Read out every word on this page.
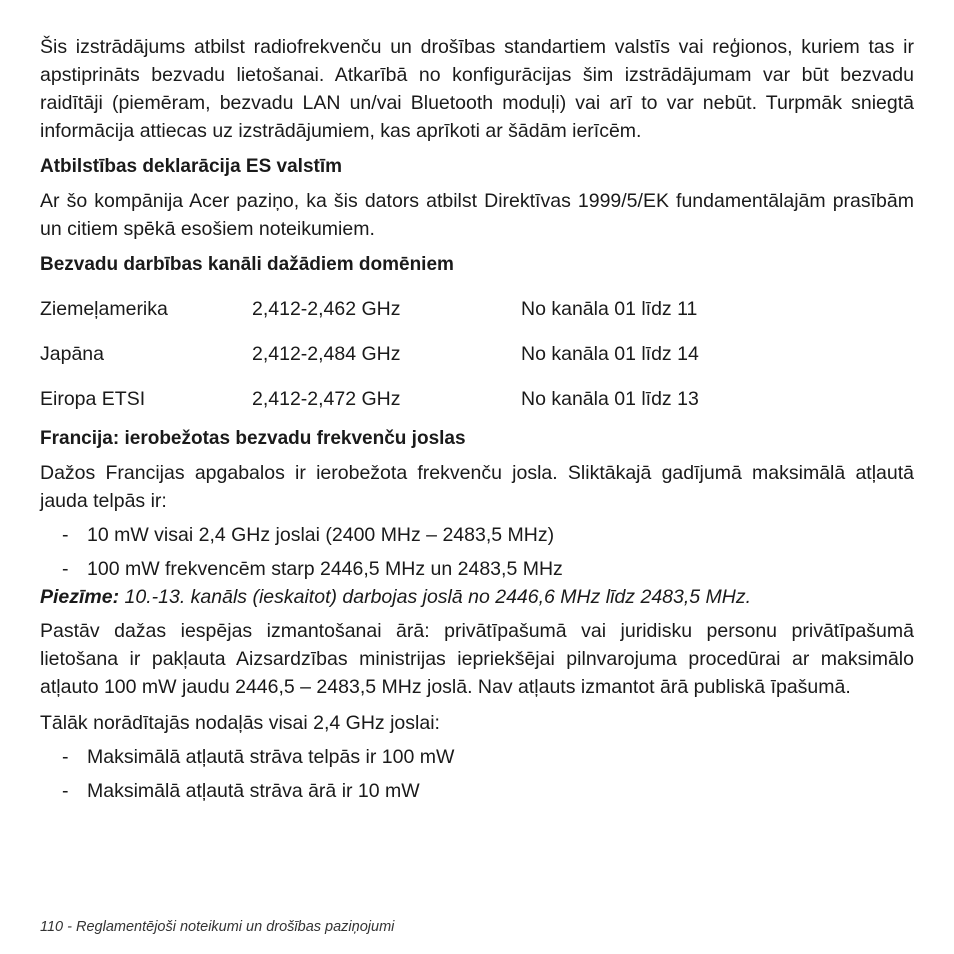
Šis izstrādājums atbilst radiofrekvenču un drošības standartiem valstīs vai reģionos, kuriem tas ir apstiprināts bezvadu lietošanai. Atkarībā no konfigurācijas šim izstrādājumam var būt bezvadu raidītāji (piemēram, bezvadu LAN un/vai Bluetooth moduļi) vai arī to var nebūt. Turpmāk sniegtā informācija attiecas uz izstrādājumiem, kas aprīkoti ar šādām ierīcēm.

Atbilstības deklarācija ES valstīm

Ar šo kompānija Acer paziņo, ka šis dators atbilst Direktīvas 1999/5/EK fundamentālajām prasībām un citiem spēkā esošiem noteikumiem.

Bezvadu darbības kanāli dažādiem domēniem

Ziemeļamerika	2,412-2,462 GHz	No kanāla 01 līdz 11
Japāna	2,412-2,484 GHz	No kanāla 01 līdz 14
Eiropa ETSI	2,412-2,472 GHz	No kanāla 01 līdz 13

Francija: ierobežotas bezvadu frekvenču joslas

Dažos Francijas apgabalos ir ierobežota frekvenču josla. Sliktākajā gadījumā maksimālā atļautā jauda telpās ir:

- 10 mW visai 2,4 GHz joslai (2400 MHz – 2483,5 MHz)
- 100 mW frekvencēm starp 2446,5 MHz un 2483,5 MHz

Piezīme: 10.-13. kanāls (ieskaitot) darbojas joslā no 2446,6 MHz līdz 2483,5 MHz.

Pastāv dažas iespējas izmantošanai ārā: privātīpašumā vai juridisku personu privātīpašumā lietošana ir pakļauta Aizsardzības ministrijas iepriekšējai pilnvarojuma procedūrai ar maksimālo atļauto 100 mW jaudu 2446,5 – 2483,5 MHz joslā. Nav atļauts izmantot ārā publiskā īpašumā.

Tālāk norādītajās nodaļās visai 2,4 GHz joslai:

- Maksimālā atļautā strāva telpās ir 100 mW
- Maksimālā atļautā strāva ārā ir 10 mW
110 - Reglamentējoši noteikumi un drošības paziņojumi
